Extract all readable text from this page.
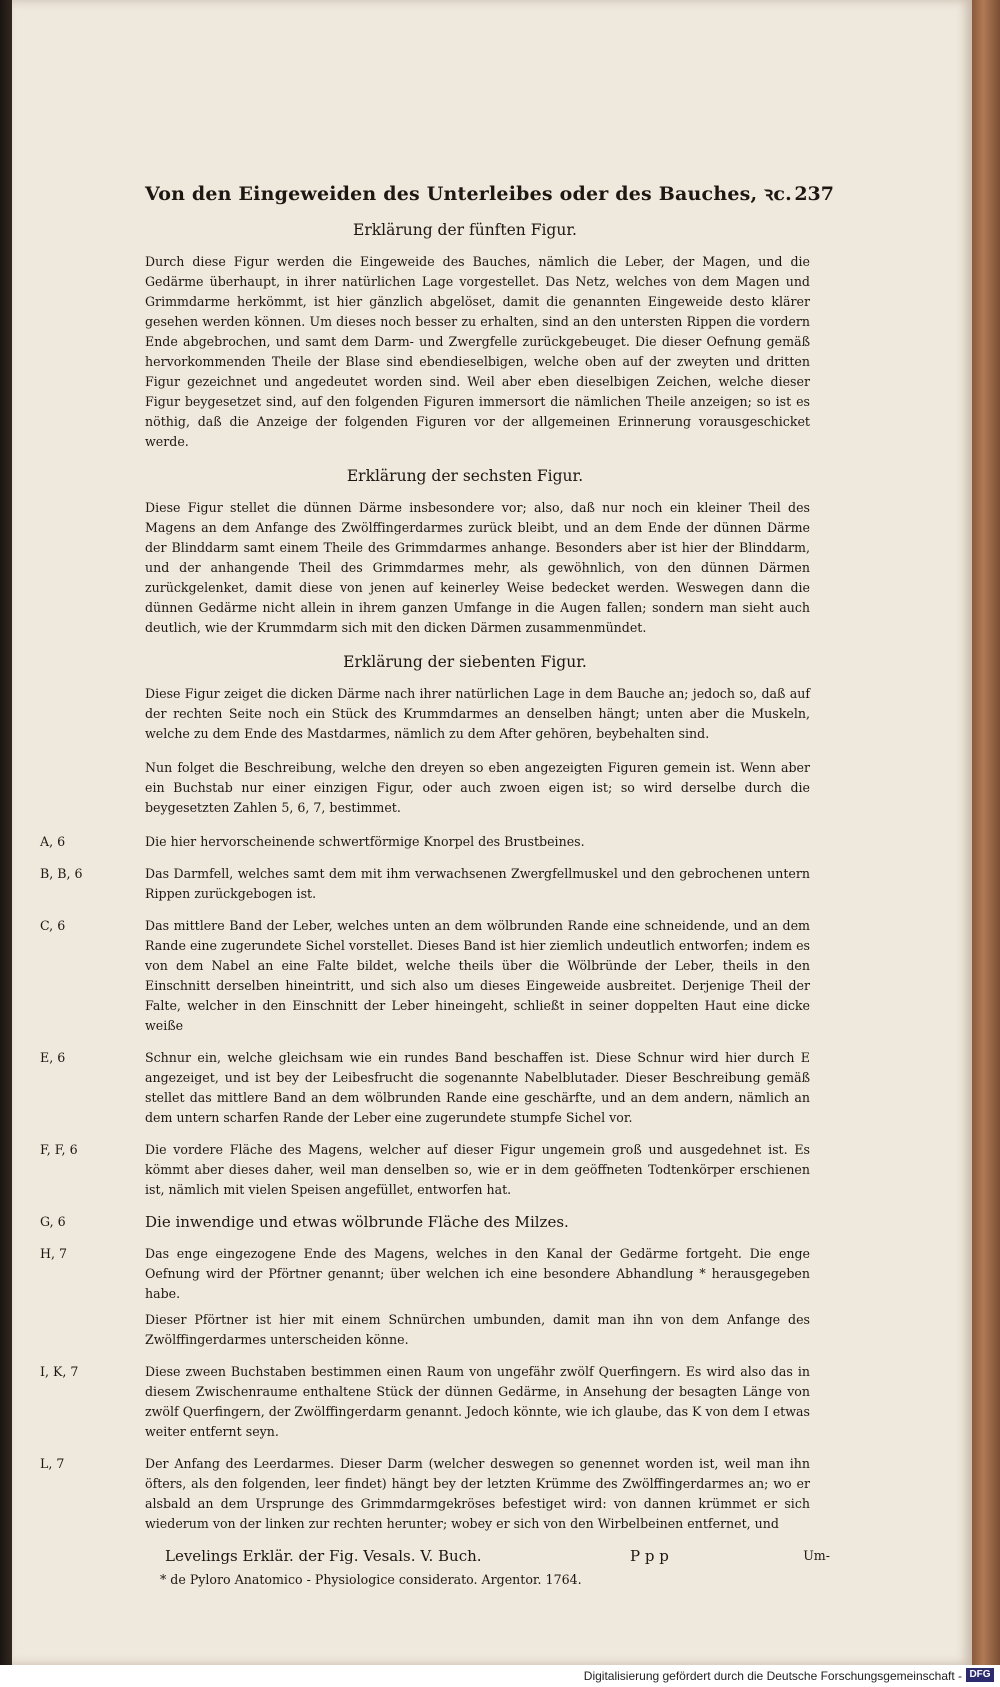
Von den Eingeweiden des Unterleibes oder des Bauches, ꝛc. 237
Erklärung der fünften Figur.

Durch diese Figur werden die Eingeweide des Bauches, nämlich die Leber, der Magen, und die Gedärme überhaupt, in ihrer natürlichen Lage vorgestellet. Das Netz, welches von dem Magen und Grimmdarme herkömmt, ist hier gänzlich abgelöset, damit die genannten Eingeweide desto klärer gesehen werden können. Um dieses noch besser zu erhalten, sind an den untersten Rippen die vordern Ende abgebrochen, und samt dem Darm- und Zwergfelle zurückgebeuget. Die dieser Oefnung gemäß hervorkommenden Theile der Blase sind ebendieselbigen, welche oben auf der zweyten und dritten Figur gezeichnet und angedeutet worden sind. Weil aber eben dieselbigen Zeichen, welche dieser Figur beygesetzet sind, auf den folgenden Figuren immersort die nämlichen Theile anzeigen; so ist es nöthig, daß die Anzeige der folgenden Figuren vor der allgemeinen Erinnerung vorausgeschicket werde.

Erklärung der sechsten Figur.

Diese Figur stellet die dünnen Därme insbesondere vor; also, daß nur noch ein kleiner Theil des Magens an dem Anfange des Zwölffingerdarmes zurück bleibt, und an dem Ende der dünnen Därme der Blinddarm samt einem Theile des Grimmdarmes anhange. Besonders aber ist hier der Blinddarm, und der anhangende Theil des Grimmdarmes mehr, als gewöhnlich, von den dünnen Därmen zurückgelenket, damit diese von jenen auf keinerley Weise bedecket werden. Weswegen dann die dünnen Gedärme nicht allein in ihrem ganzen Umfange in die Augen fallen; sondern man sieht auch deutlich, wie der Krummdarm sich mit den dicken Därmen zusammenmündet.

Erklärung der siebenten Figur.

Diese Figur zeiget die dicken Därme nach ihrer natürlichen Lage in dem Bauche an; jedoch so, daß auf der rechten Seite noch ein Stück des Krummdarmes an denselben hängt; unten aber die Muskeln, welche zu dem Ende des Mastdarmes, nämlich zu dem After gehören, beybehalten sind.

Nun folget die Beschreibung, welche den dreyen so eben angezeigten Figuren gemein ist. Wenn aber ein Buchstab nur einer einzigen Figur, oder auch zwoen eigen ist; so wird derselbe durch die beygesetzten Zahlen 5, 6, 7, bestimmet.

A, 6	Die hier hervorscheinende schwertförmige Knorpel des Brustbeines.

B, B, 6	Das Darmfell, welches samt dem mit ihm verwachsenen Zwergfellmuskel und den gebrochenen untern Rippen zurückgebogen ist.

C, 6	Das mittlere Band der Leber, welches unten an dem wölbrunden Rande eine schneidende, und an dem Rande eine zugerundete Sichel vorstellet. Dieses Band ist hier ziemlich undeutlich entworfen; indem es von dem Nabel an eine Falte bildet, welche theils über die Wölbründe der Leber, theils in den Einschnitt derselben hineintritt, und sich also um dieses Eingeweide ausbreitet. Derjenige Theil der Falte, welcher in den Einschnitt der Leber hineingeht, schließt in seiner doppelten Haut eine dicke weiße

E, 6	Schnur ein, welche gleichsam wie ein rundes Band beschaffen ist. Diese Schnur wird hier durch E angezeiget, und ist bey der Leibesfrucht die sogenannte Nabelblutader. Dieser Beschreibung gemäß stellet das mittlere Band an dem wölbrunden Rande eine geschärfte, und an dem andern, nämlich an dem untern scharfen Rande der Leber eine zugerundete stumpfe Sichel vor.

F, F, 6	Die vordere Fläche des Magens, welcher auf dieser Figur ungemein groß und ausgedehnet ist. Es kömmt aber dieses daher, weil man denselben so, wie er in dem geöffneten Todtenkörper erschienen ist, nämlich mit vielen Speisen angefüllet, entworfen hat.

G, 6	Die inwendige und etwas wölbrunde Fläche des Milzes.

H, 7	Das enge eingezogene Ende des Magens, welches in den Kanal der Gedärme fortgeht. Die enge Oefnung wird der Pförtner genannt; über welchen ich eine besondere Abhandlung * herausgegeben habe.

Dieser Pförtner ist hier mit einem Schnürchen umbunden, damit man ihn von dem Anfange des Zwölffingerdarmes unterscheiden könne.

I, K, 7	Diese zween Buchstaben bestimmen einen Raum von ungefähr zwölf Querfingern. Es wird also das in diesem Zwischenraume enthaltene Stück der dünnen Gedärme, in Ansehung der besagten Länge von zwölf Querfingern, der Zwölffingerdarm genannt. Jedoch könnte, wie ich glaube, das K von dem I etwas weiter entfernt seyn.

L, 7	Der Anfang des Leerdarmes. Dieser Darm (welcher deswegen so genennet worden ist, weil man ihn öfters, als den folgenden, leer findet) hängt bey der letzten Krümme des Zwölffingerdarmes an; wo er alsbald an dem Ursprunge des Grimmdarmgekröses befestiget wird: von dannen krümmet er sich wiederum von der linken zur rechten herunter; wobey er sich von den Wirbelbeinen entfernet, und

Levelings Erklär. der Fig. Vesals. V. Buch.	P p p	Um-
* de Pyloro Anatomico - Physiologice considerato. Argentor. 1764.
Digitalisierung gefördert durch die Deutsche Forschungsgemeinschaft - DFG
